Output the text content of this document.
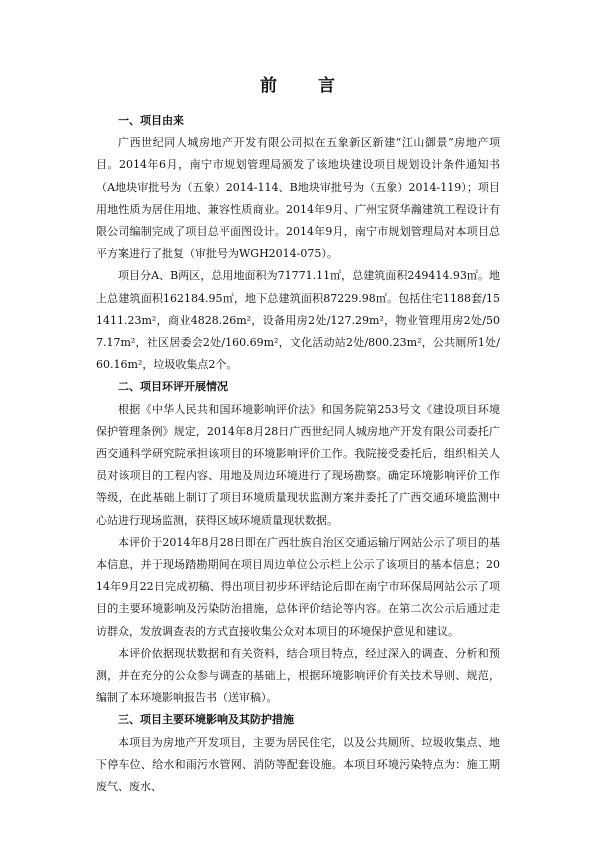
前　言

一、项目由来

广西世纪同人城房地产开发有限公司拟在五象新区新建“江山御景”房地产项目。2014年6月，南宁市规划管理局颁发了该地块建设项目规划设计条件通知书（A地块审批号为（五象）2014-114、B地块审批号为（五象）2014-119）；项目用地性质为居住用地、兼容性质商业。2014年9月、广州宝贤华瀚建筑工程设计有限公司编制完成了项目总平面图设计。2014年9月，南宁市规划管理局对本项目总平方案进行了批复（审批号为WGH2014-075）。

项目分A、B两区，总用地面积为71771.11㎡，总建筑面积249414.93㎡。地上总建筑面积162184.95㎡，地下总建筑面积87229.98㎡。包括住宅1188套/151411.23m²，商业4828.26m²，设备用房2处/127.29m²，物业管理用房2处/507.17m²，社区居委会2处/160.69m²，文化活动站2处/800.23m²，公共厕所1处/60.16m²，垃圾收集点2个。

二、项目环评开展情况

根据《中华人民共和国环境影响评价法》和国务院第253号文《建设项目环境保护管理条例》规定，2014年8月28日广西世纪同人城房地产开发有限公司委托广西交通科学研究院承担该项目的环境影响评价工作。我院接受委托后，组织相关人员对该项目的工程内容、用地及周边环境进行了现场勘察。确定环境影响评价工作等级，在此基础上制订了项目环境质量现状监测方案并委托了广西交通环境监测中心站进行现场监测，获得区域环境质量现状数据。

本评价于2014年8月28日即在广西壮族自治区交通运输厅网站公示了项目的基本信息，并于现场踏勘期间在项目周边单位公示栏上公示了该项目的基本信息；2014年9月22日完成初稿、得出项目初步环评结论后即在南宁市环保局网站公示了项目的主要环境影响及污染防治措施，总体评价结论等内容。在第二次公示后通过走访群众，发放调查表的方式直接收集公众对本项目的环境保护意见和建议。

本评价依据现状数据和有关资料，结合项目特点，经过深入的调查、分析和预测，并在充分的公众参与调查的基础上，根据环境影响评价有关技术导则、规范，编制了本环境影响报告书（送审稿）。

三、项目主要环境影响及其防护措施

本项目为房地产开发项目，主要为居民住宅，以及公共厕所、垃圾收集点、地下停车位、给水和雨污水管网、消防等配套设施。本项目环境污染特点为：施工期废气、废水、
